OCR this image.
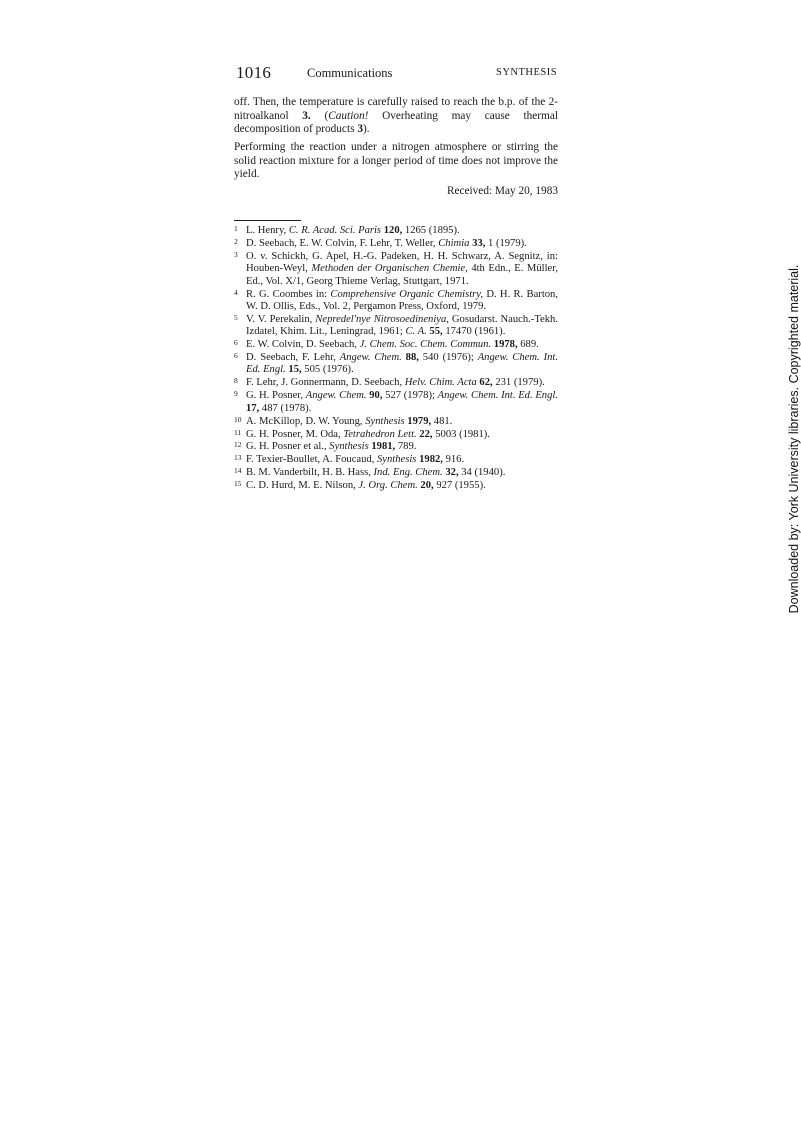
1016	Communications	SYNTHESIS

off. Then, the temperature is carefully raised to reach the b.p. of the 2-nitroalkanol 3. (Caution! Overheating may cause thermal decomposition of products 3).

Performing the reaction under a nitrogen atmosphere or stirring the solid reaction mixture for a longer period of time does not improve the yield.

Received: May 20, 1983
1 L. Henry, C. R. Acad. Sci. Paris 120, 1265 (1895).
2 D. Seebach, E. W. Colvin, F. Lehr, T. Weller, Chimia 33, 1 (1979).
3 O. v. Schickh, G. Apel, H.-G. Padeken, H. H. Schwarz, A. Segnitz, in: Houben-Weyl, Methoden der Organischen Chemie, 4th Edn., E. Müller, Ed., Vol. X/1, Georg Thieme Verlag, Stuttgart, 1971.
4 R. G. Coombes in: Comprehensive Organic Chemistry, D. H. R. Barton, W. D. Ollis, Eds., Vol. 2, Pergamon Press, Oxford, 1979.
5 V. V. Perekalin, Nepredel'nye Nitrosoedineniya, Gosudarst. Nauch.-Tekh. Izdatel, Khim. Lit., Leningrad, 1961; C. A. 55, 17470 (1961).
6 E. W. Colvin, D. Seebach, J. Chem. Soc. Chem. Commun. 1978, 689.
6 D. Seebach, F. Lehr, Angew. Chem. 88, 540 (1976); Angew. Chem. Int. Ed. Engl. 15, 505 (1976).
8 F. Lehr, J. Gonnermann, D. Seebach, Helv. Chim. Acta 62, 231 (1979).
9 G. H. Posner, Angew. Chem. 90, 527 (1978); Angew. Chem. Int. Ed. Engl. 17, 487 (1978).
10 A. McKillop, D. W. Young, Synthesis 1979, 481.
11 G. H. Posner, M. Oda, Tetrahedron Lett. 22, 5003 (1981).
12 G. H. Posner et al., Synthesis 1981, 789.
13 F. Texier-Boullet, A. Foucaud, Synthesis 1982, 916.
14 B. M. Vanderbilt, H. B. Hass, Ind. Eng. Chem. 32, 34 (1940).
15 C. D. Hurd, M. E. Nilson, J. Org. Chem. 20, 927 (1955).	Downloaded by: York University libraries. Copyrighted material.
